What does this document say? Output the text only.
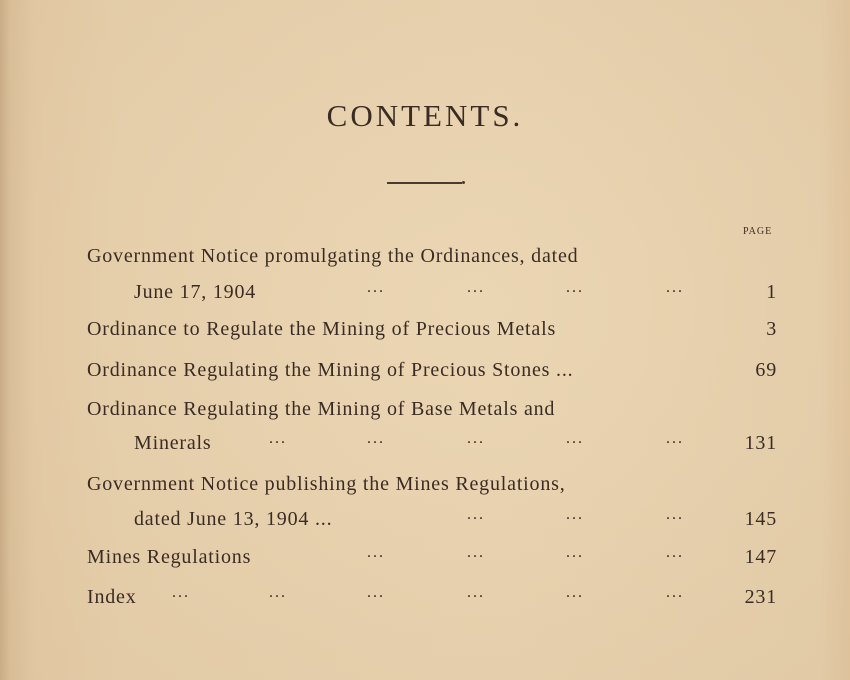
CONTENTS.
PAGE
Government Notice promulgating the Ordinances, dated
June 17, 1904	...	...	...	...	1
Ordinance to Regulate the Mining of Precious Metals	3
Ordinance Regulating the Mining of Precious Stones ...	69
Ordinance Regulating the Mining of Base Metals and
Minerals	...	...	...	...	...	131
Government Notice publishing the Mines Regulations,
dated June 13, 1904 ...	...	...	...	145
Mines Regulations	...	...	...	...	147
Index ...	...	...	...	...	...	231
